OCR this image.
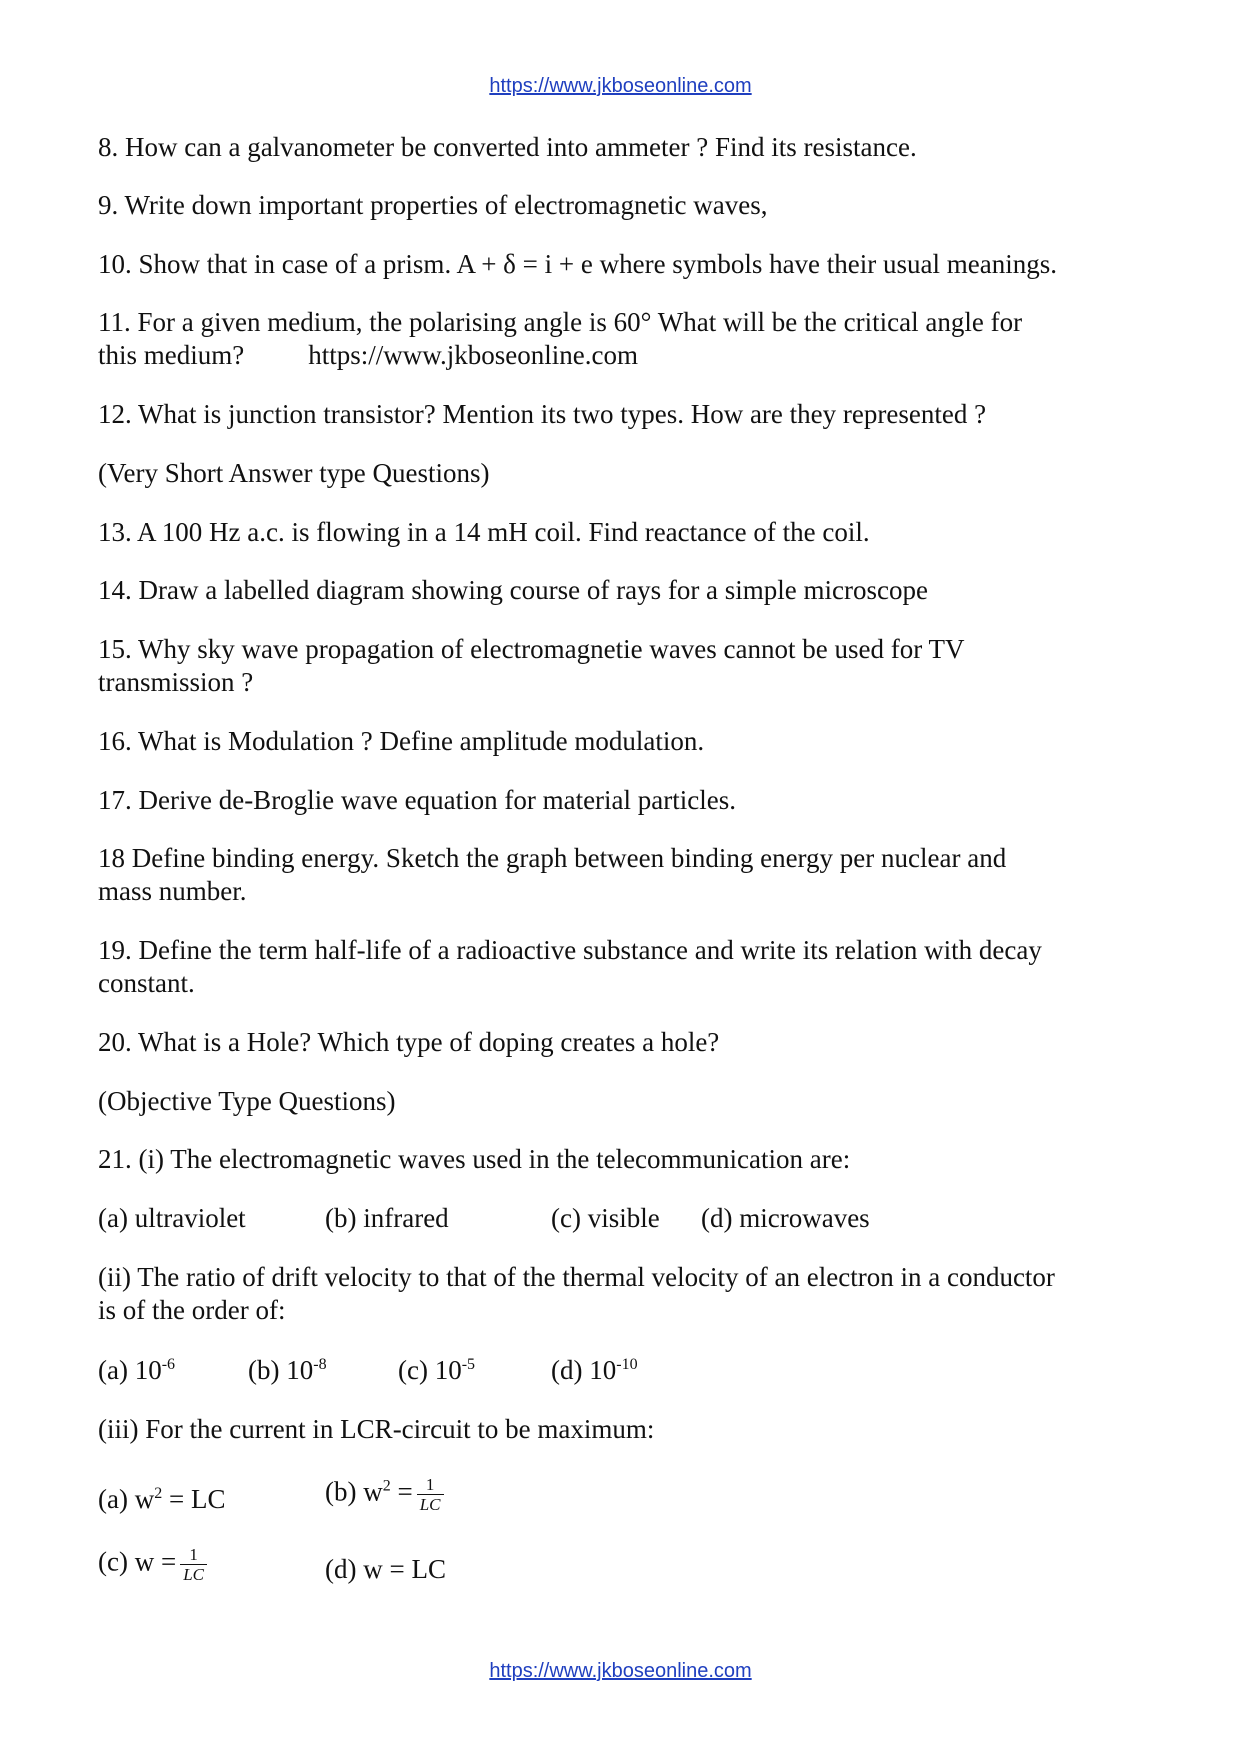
https://www.jkboseonline.com
8. How can a galvanometer be converted into ammeter ? Find its resistance.
9. Write down important properties of electromagnetic waves,
10. Show that in case of a prism. A + δ = i + e where symbols have their usual meanings.
11. For a given medium, the polarising angle is 60° What will be the critical angle for
this medium? https://www.jkboseonline.com
12. What is junction transistor? Mention its two types. How are they represented ?
(Very Short Answer type Questions)
13. A 100 Hz a.c. is flowing in a 14 mH coil. Find reactance of the coil.
14. Draw a labelled diagram showing course of rays for a simple microscope
15. Why sky wave propagation of electromagnetie waves cannot be used for TV
transmission ?
16. What is Modulation ? Define amplitude modulation.
17. Derive de-Broglie wave equation for material particles.
18 Define binding energy. Sketch the graph between binding energy per nuclear and
mass number.
19. Define the term half-life of a radioactive substance and write its relation with decay
constant.
20. What is a Hole? Which type of doping creates a hole?
(Objective Type Questions)
21. (i) The electromagnetic waves used in the telecommunication are:
(a) ultraviolet	(b) infrared	(c) visible (d) microwaves
(ii) The ratio of drift velocity to that of the thermal velocity of an electron in a conductor
is of the order of:
(a) $10^{-6}$	(b) $10^{-8}$	(c) $10^{-5}$	(d) $10^{-10}$
(iii) For the current in LCR-circuit to be maximum:
(a) $w^2$ = LC	(b) $w^2 = \frac{1}{LC}$
(c) $w = \frac{1}{LC}$	(d) w = LC
https://www.jkboseonline.com
